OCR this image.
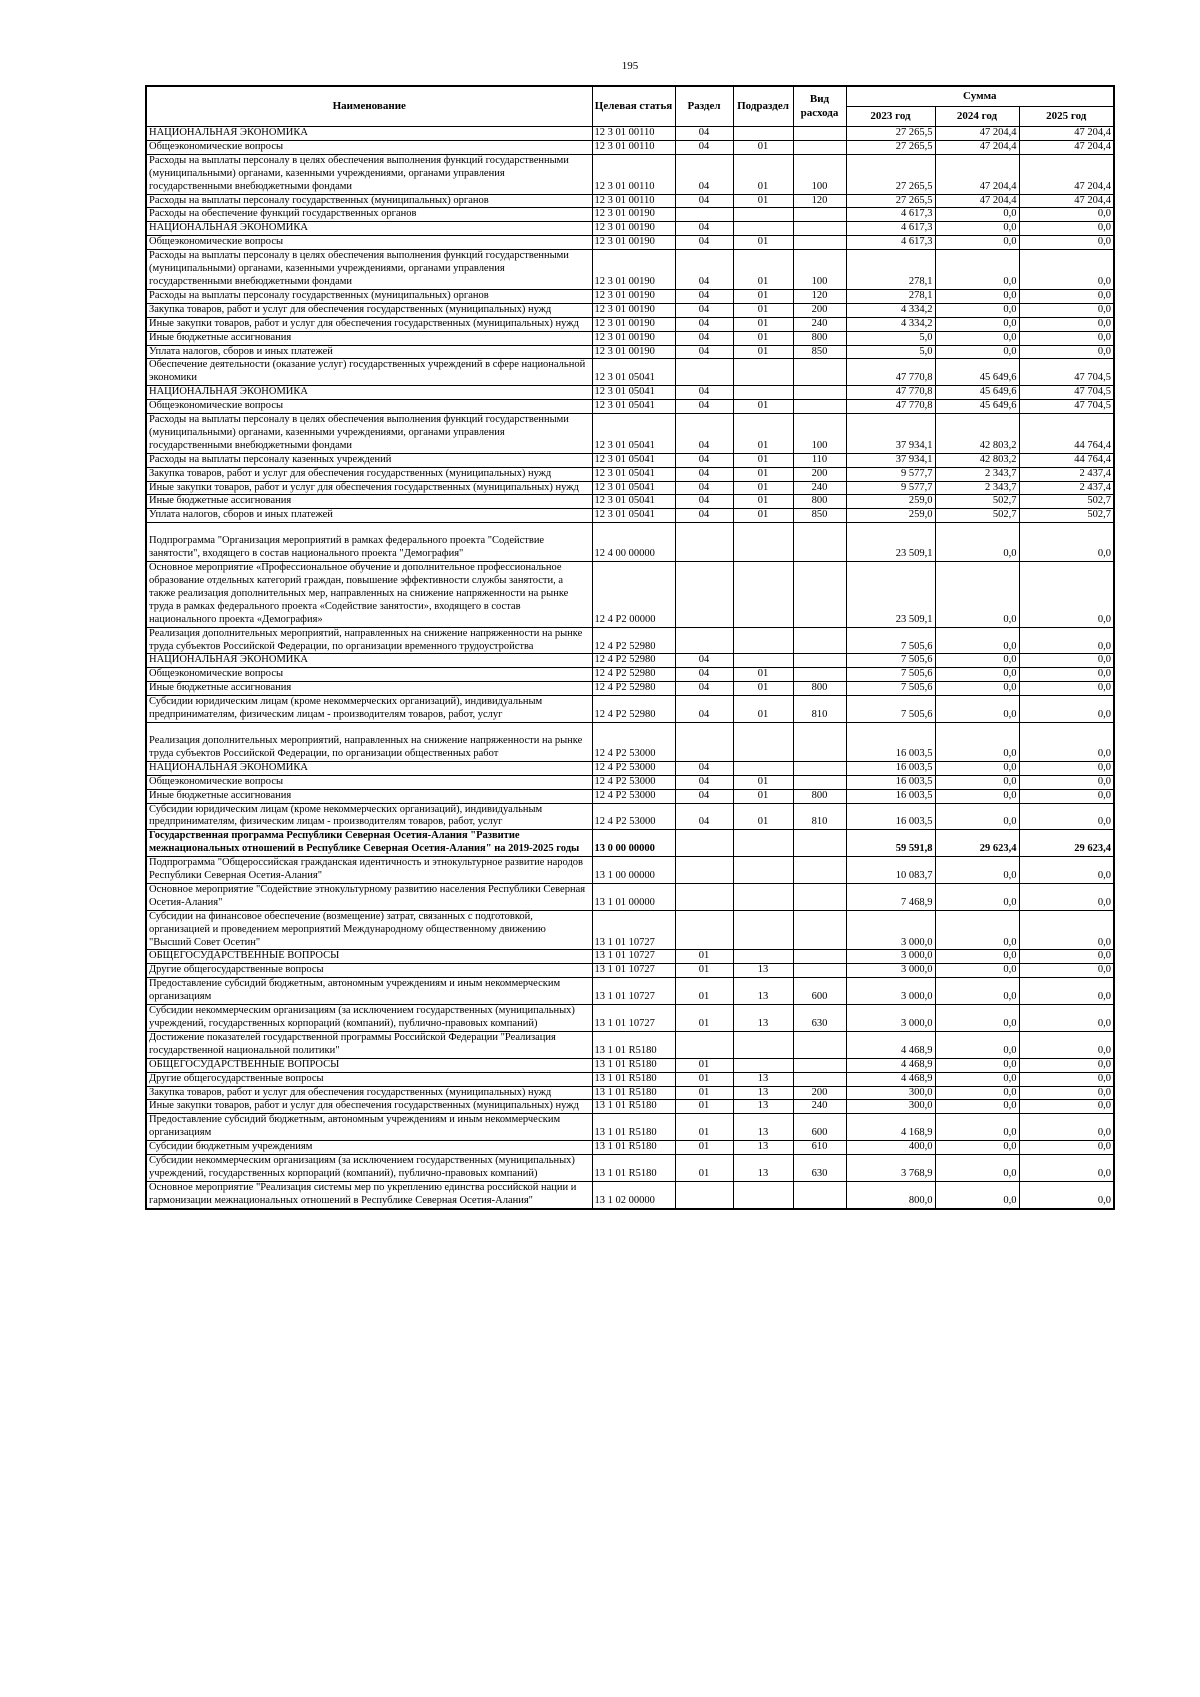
195
Наименование	Целевая статья	Раздел	Подраздел	Вид расхода	Сумма		
					2023 год	2024 год	2025 год
НАЦИОНАЛЬНАЯ ЭКОНОМИКА	12 3 01 00110	04			27 265,5	47 204,4	47 204,4
Общеэкономические вопросы	12 3 01 00110	04	01		27 265,5	47 204,4	47 204,4
Расходы на выплаты персоналу в целях обеспечения выполнения функций государственными (муниципальными) органами, казенными учреждениями, органами управления государственными внебюджетными фондами	12 3 01 00110	04	01	100	27 265,5	47 204,4	47 204,4
Расходы на выплаты персоналу государственных (муниципальных) органов	12 3 01 00110	04	01	120	27 265,5	47 204,4	47 204,4
Расходы на обеспечение функций государственных органов	12 3 01 00190				4 617,3	0,0	0,0
НАЦИОНАЛЬНАЯ ЭКОНОМИКА	12 3 01 00190	04			4 617,3	0,0	0,0
Общеэкономические вопросы	12 3 01 00190	04	01		4 617,3	0,0	0,0
Расходы на выплаты персоналу в целях обеспечения выполнения функций государственными (муниципальными) органами, казенными учреждениями, органами управления государственными внебюджетными фондами	12 3 01 00190	04	01	100	278,1	0,0	0,0
Расходы на выплаты персоналу государственных (муниципальных) органов	12 3 01 00190	04	01	120	278,1	0,0	0,0
Закупка товаров, работ и услуг для обеспечения государственных (муниципальных) нужд	12 3 01 00190	04	01	200	4 334,2	0,0	0,0
Иные закупки товаров, работ и услуг для обеспечения государственных (муниципальных) нужд	12 3 01 00190	04	01	240	4 334,2	0,0	0,0
Иные бюджетные ассигнования	12 3 01 00190	04	01	800	5,0	0,0	0,0
Уплата налогов, сборов и иных платежей	12 3 01 00190	04	01	850	5,0	0,0	0,0
Обеспечение деятельности (оказание услуг) государственных учреждений в сфере национальной экономики	12 3 01 05041				47 770,8	45 649,6	47 704,5
НАЦИОНАЛЬНАЯ ЭКОНОМИКА	12 3 01 05041	04			47 770,8	45 649,6	47 704,5
Общеэкономические вопросы	12 3 01 05041	04	01		47 770,8	45 649,6	47 704,5
Расходы на выплаты персоналу в целях обеспечения выполнения функций государственными (муниципальными) органами, казенными учреждениями, органами управления государственными внебюджетными фондами	12 3 01 05041	04	01	100	37 934,1	42 803,2	44 764,4
Расходы на выплаты персоналу казенных учреждений	12 3 01 05041	04	01	110	37 934,1	42 803,2	44 764,4
Закупка товаров, работ и услуг для обеспечения государственных (муниципальных) нужд	12 3 01 05041	04	01	200	9 577,7	2 343,7	2 437,4
Иные закупки товаров, работ и услуг для обеспечения государственных (муниципальных) нужд	12 3 01 05041	04	01	240	9 577,7	2 343,7	2 437,4
Иные бюджетные ассигнования	12 3 01 05041	04	01	800	259,0	502,7	502,7
Уплата налогов, сборов и иных платежей	12 3 01 05041	04	01	850	259,0	502,7	502,7
Подпрограмма "Организация мероприятий в рамках федерального проекта "Содействие занятости", входящего в состав национального проекта "Демография"	12 4 00 00000				23 509,1	0,0	0,0
Основное мероприятие «Профессиональное обучение и дополнительное профессиональное образование отдельных категорий граждан, повышение эффективности службы занятости, а также реализация дополнительных мер, направленных на снижение напряженности на рынке труда в рамках федерального проекта «Содействие занятости», входящего в состав национального проекта «Демография»	12 4 P2 00000				23 509,1	0,0	0,0
Реализация дополнительных мероприятий, направленных на снижение напряженности на рынке труда субъектов Российской Федерации, по организации временного трудоустройства	12 4 P2 52980				7 505,6	0,0	0,0
НАЦИОНАЛЬНАЯ ЭКОНОМИКА	12 4 P2 52980	04			7 505,6	0,0	0,0
Общеэкономические вопросы	12 4 P2 52980	04	01		7 505,6	0,0	0,0
Иные бюджетные ассигнования	12 4 P2 52980	04	01	800	7 505,6	0,0	0,0
Субсидии юридическим лицам (кроме некоммерческих организаций), индивидуальным предпринимателям, физическим лицам - производителям товаров, работ, услуг	12 4 P2 52980	04	01	810	7 505,6	0,0	0,0
Реализация дополнительных мероприятий, направленных на снижение напряженности на рынке труда субъектов Российской Федерации, по организации общественных работ	12 4 P2 53000				16 003,5	0,0	0,0
НАЦИОНАЛЬНАЯ ЭКОНОМИКА	12 4 P2 53000	04			16 003,5	0,0	0,0
Общеэкономические вопросы	12 4 P2 53000	04	01		16 003,5	0,0	0,0
Иные бюджетные ассигнования	12 4 P2 53000	04	01	800	16 003,5	0,0	0,0
Субсидии юридическим лицам (кроме некоммерческих организаций), индивидуальным предпринимателям, физическим лицам - производителям товаров, работ, услуг	12 4 P2 53000	04	01	810	16 003,5	0,0	0,0
Государственная программа Республики Северная Осетия-Алания "Развитие межнациональных отношений в Республике Северная Осетия-Алания" на 2019-2025 годы	13 0 00 00000				59 591,8	29 623,4	29 623,4
Подпрограмма "Общероссийская гражданская идентичность и этнокультурное развитие народов Республики Северная Осетия-Алания"	13 1 00 00000				10 083,7	0,0	0,0
Основное мероприятие "Содействие этнокультурному развитию населения Республики Северная Осетия-Алания"	13 1 01 00000				7 468,9	0,0	0,0
Субсидии на финансовое обеспечение (возмещение) затрат, связанных с подготовкой, организацией и проведением мероприятий Международному общественному движению "Высший Совет Осетин"	13 1 01 10727				3 000,0	0,0	0,0
ОБЩЕГОСУДАРСТВЕННЫЕ ВОПРОСЫ	13 1 01 10727	01			3 000,0	0,0	0,0
Другие общегосударственные вопросы	13 1 01 10727	01	13		3 000,0	0,0	0,0
Предоставление субсидий бюджетным, автономным учреждениям и иным некоммерческим организациям	13 1 01 10727	01	13	600	3 000,0	0,0	0,0
Субсидии некоммерческим организациям (за исключением государственных (муниципальных) учреждений, государственных корпораций (компаний), публично-правовых компаний)	13 1 01 10727	01	13	630	3 000,0	0,0	0,0
Достижение показателей государственной программы Российской Федерации "Реализация государственной национальной политики"	13 1 01 R5180				4 468,9	0,0	0,0
ОБЩЕГОСУДАРСТВЕННЫЕ ВОПРОСЫ	13 1 01 R5180	01			4 468,9	0,0	0,0
Другие общегосударственные вопросы	13 1 01 R5180	01	13		4 468,9	0,0	0,0
Закупка товаров, работ и услуг для обеспечения государственных (муниципальных) нужд	13 1 01 R5180	01	13	200	300,0	0,0	0,0
Иные закупки товаров, работ и услуг для обеспечения государственных (муниципальных) нужд	13 1 01 R5180	01	13	240	300,0	0,0	0,0
Предоставление субсидий бюджетным, автономным учреждениям и иным некоммерческим организациям	13 1 01 R5180	01	13	600	4 168,9	0,0	0,0
Субсидии бюджетным учреждениям	13 1 01 R5180	01	13	610	400,0	0,0	0,0
Субсидии некоммерческим организациям (за исключением государственных (муниципальных) учреждений, государственных корпораций (компаний), публично-правовых компаний)	13 1 01 R5180	01	13	630	3 768,9	0,0	0,0
Основное мероприятие "Реализация системы мер по укреплению единства российской нации и гармонизации межнациональных отношений в Республике Северная Осетия-Алания"	13 1 02 00000				800,0	0,0	0,0
